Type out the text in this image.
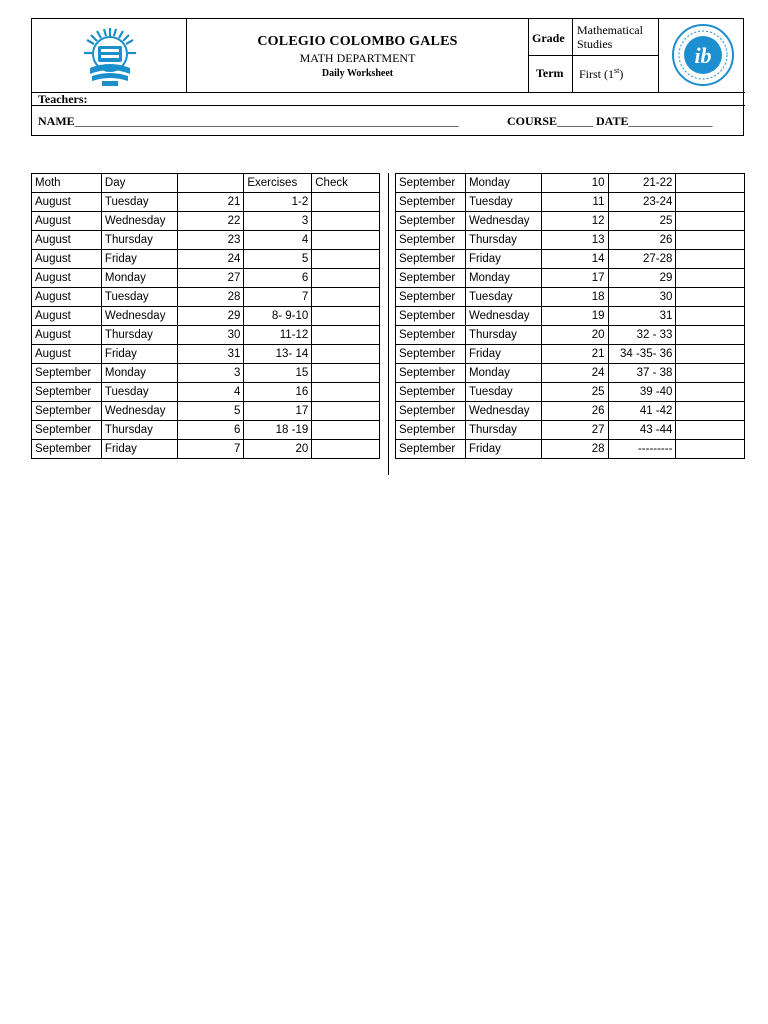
COLEGIO COLOMBO GALES
MATH DEPARTMENT
Daily Worksheet
Grade
Mathematical
Studies
Term First (1st)
ib
Teachers:
NAME________________________________________________________________	COURSE______ DATE______________
Moth	Day		Exercises	Check
August	Tuesday	21	1-2	
August	Wednesday	22	3	
August	Thursday	23	4	
August	Friday	24	5	
August	Monday	27	6	
August	Tuesday	28	7	
August	Wednesday	29	8- 9-10	
August	Thursday	30	11-12	
August	Friday	31	13- 14	
September	Monday	3	15	
September	Tuesday	4	16	
September	Wednesday	5	17	
September	Thursday	6	18 -19	
September	Friday	7	20	
September	Monday	10	21-22	
September	Tuesday	11	23-24	
September	Wednesday	12	25	
September	Thursday	13	26	
September	Friday	14	27-28	
September	Monday	17	29	
September	Tuesday	18	30	
September	Wednesday	19	31	
September	Thursday	20	32 - 33	
September	Friday	21	34 -35- 36	
September	Monday	24	37 - 38	
September	Tuesday	25	39 -40	
September	Wednesday	26	41 -42	
September	Thursday	27	43 -44	
September	Friday	28	---------	
